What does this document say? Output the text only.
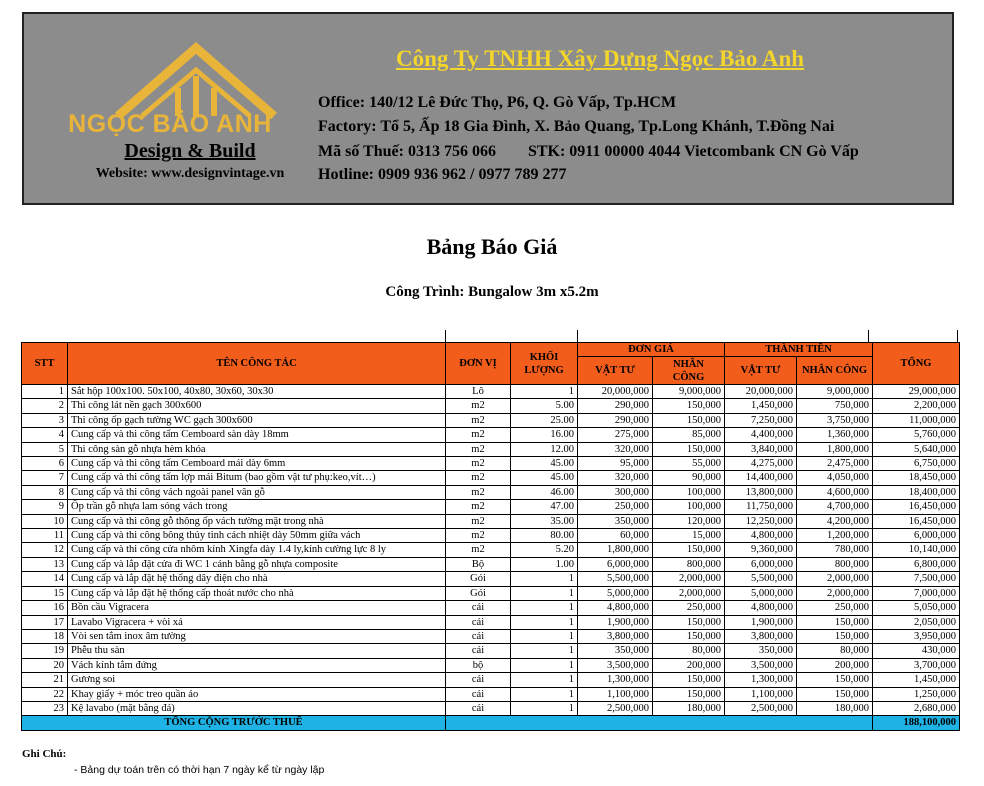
NGỌC BẢO ANH
Design & Build
Website: www.designvintage.vn
Công Ty TNHH Xây Dựng Ngọc Bảo Anh
Office: 140/12 Lê Đức Thọ, P6, Q. Gò Vấp, Tp.HCM
Factory: Tổ 5, Ấp 18 Gia Đình, X. Bảo Quang, Tp.Long Khánh, T.Đồng Nai
Mã số Thuế: 0313 756 066 STK: 0911 00000 4044 Vietcombank CN Gò Vấp
Hotline: 0909 936 962 / 0977 789 277
Bảng Báo Giá
Công Trình: Bungalow 3m x5.2m
STT	TÊN CÔNG TÁC	ĐƠN VỊ	KHỐI LƯỢNG	ĐƠN GIÁ		THÀNH TIỀN		TỔNG
				VẬT TƯ	NHÂN CÔNG	VẬT TƯ	NHÂN CÔNG	
1	Sắt hộp 100x100. 50x100, 40x80, 30x60, 30x30	Lô	1	20,000,000	9,000,000	20,000,000	9,000,000	29,000,000
2	Thi công lát nền gạch 300x600	m2	5.00	290,000	150,000	1,450,000	750,000	2,200,000
3	Thi công ốp gạch tường WC gạch 300x600	m2	25.00	290,000	150,000	7,250,000	3,750,000	11,000,000
4	Cung cấp và thi công tấm Cemboard sàn dày 18mm	m2	16.00	275,000	85,000	4,400,000	1,360,000	5,760,000
5	Thi công sàn gỗ nhựa hèm khóa	m2	12.00	320,000	150,000	3,840,000	1,800,000	5,640,000
6	Cung cấp và thi công tấm Cemboard mái dày 6mm	m2	45.00	95,000	55,000	4,275,000	2,475,000	6,750,000
7	Cung cấp và thi công tấm lợp mái Bitum (bao gồm vật tư phụ:keo,vít…)	m2	45.00	320,000	90,000	14,400,000	4,050,000	18,450,000
8	Cung cấp và thi công vách ngoài panel vân gỗ	m2	46.00	300,000	100,000	13,800,000	4,600,000	18,400,000
9	Ốp trần gỗ nhựa lam sóng vách trong	m2	47.00	250,000	100,000	11,750,000	4,700,000	16,450,000
10	Cung cấp và thi công gỗ thông ốp vách tường mặt trong nhà	m2	35.00	350,000	120,000	12,250,000	4,200,000	16,450,000
11	Cung cấp và thi công bông thủy tinh cách nhiệt dày 50mm giữa vách	m2	80.00	60,000	15,000	4,800,000	1,200,000	6,000,000
12	Cung cấp và thi công cửa nhôm kính Xingfa dày 1.4 ly,kính cường lực 8 ly	m2	5.20	1,800,000	150,000	9,360,000	780,000	10,140,000
13	Cung cấp và lắp đặt cửa đi WC 1 cánh bằng gỗ nhựa composite	Bộ	1.00	6,000,000	800,000	6,000,000	800,000	6,800,000
14	Cung cấp và lắp đặt hệ thống dây điện cho nhà	Gói	1	5,500,000	2,000,000	5,500,000	2,000,000	7,500,000
15	Cung cấp và lắp đặt hệ thống cấp thoát nước cho nhà	Gói	1	5,000,000	2,000,000	5,000,000	2,000,000	7,000,000
16	Bồn cầu Vigracera	cái	1	4,800,000	250,000	4,800,000	250,000	5,050,000
17	Lavabo Vigracera + vòi xả	cái	1	1,900,000	150,000	1,900,000	150,000	2,050,000
18	Vòi sen tắm inox âm tường	cái	1	3,800,000	150,000	3,800,000	150,000	3,950,000
19	Phễu thu sàn	cái	1	350,000	80,000	350,000	80,000	430,000
20	Vách kính tắm đứng	bộ	1	3,500,000	200,000	3,500,000	200,000	3,700,000
21	Gương soi	cái	1	1,300,000	150,000	1,300,000	150,000	1,450,000
22	Khay giấy + móc treo quần áo	cái	1	1,100,000	150,000	1,100,000	150,000	1,250,000
23	Kệ lavabo (mặt bằng đá)	cái	1	2,500,000	180,000	2,500,000	180,000	2,680,000
TỔNG CỘNG TRƯỚC THUẾ								188,100,000
Ghi Chú:
- Bảng dự toán trên có thời hạn 7 ngày kể từ ngày lập
